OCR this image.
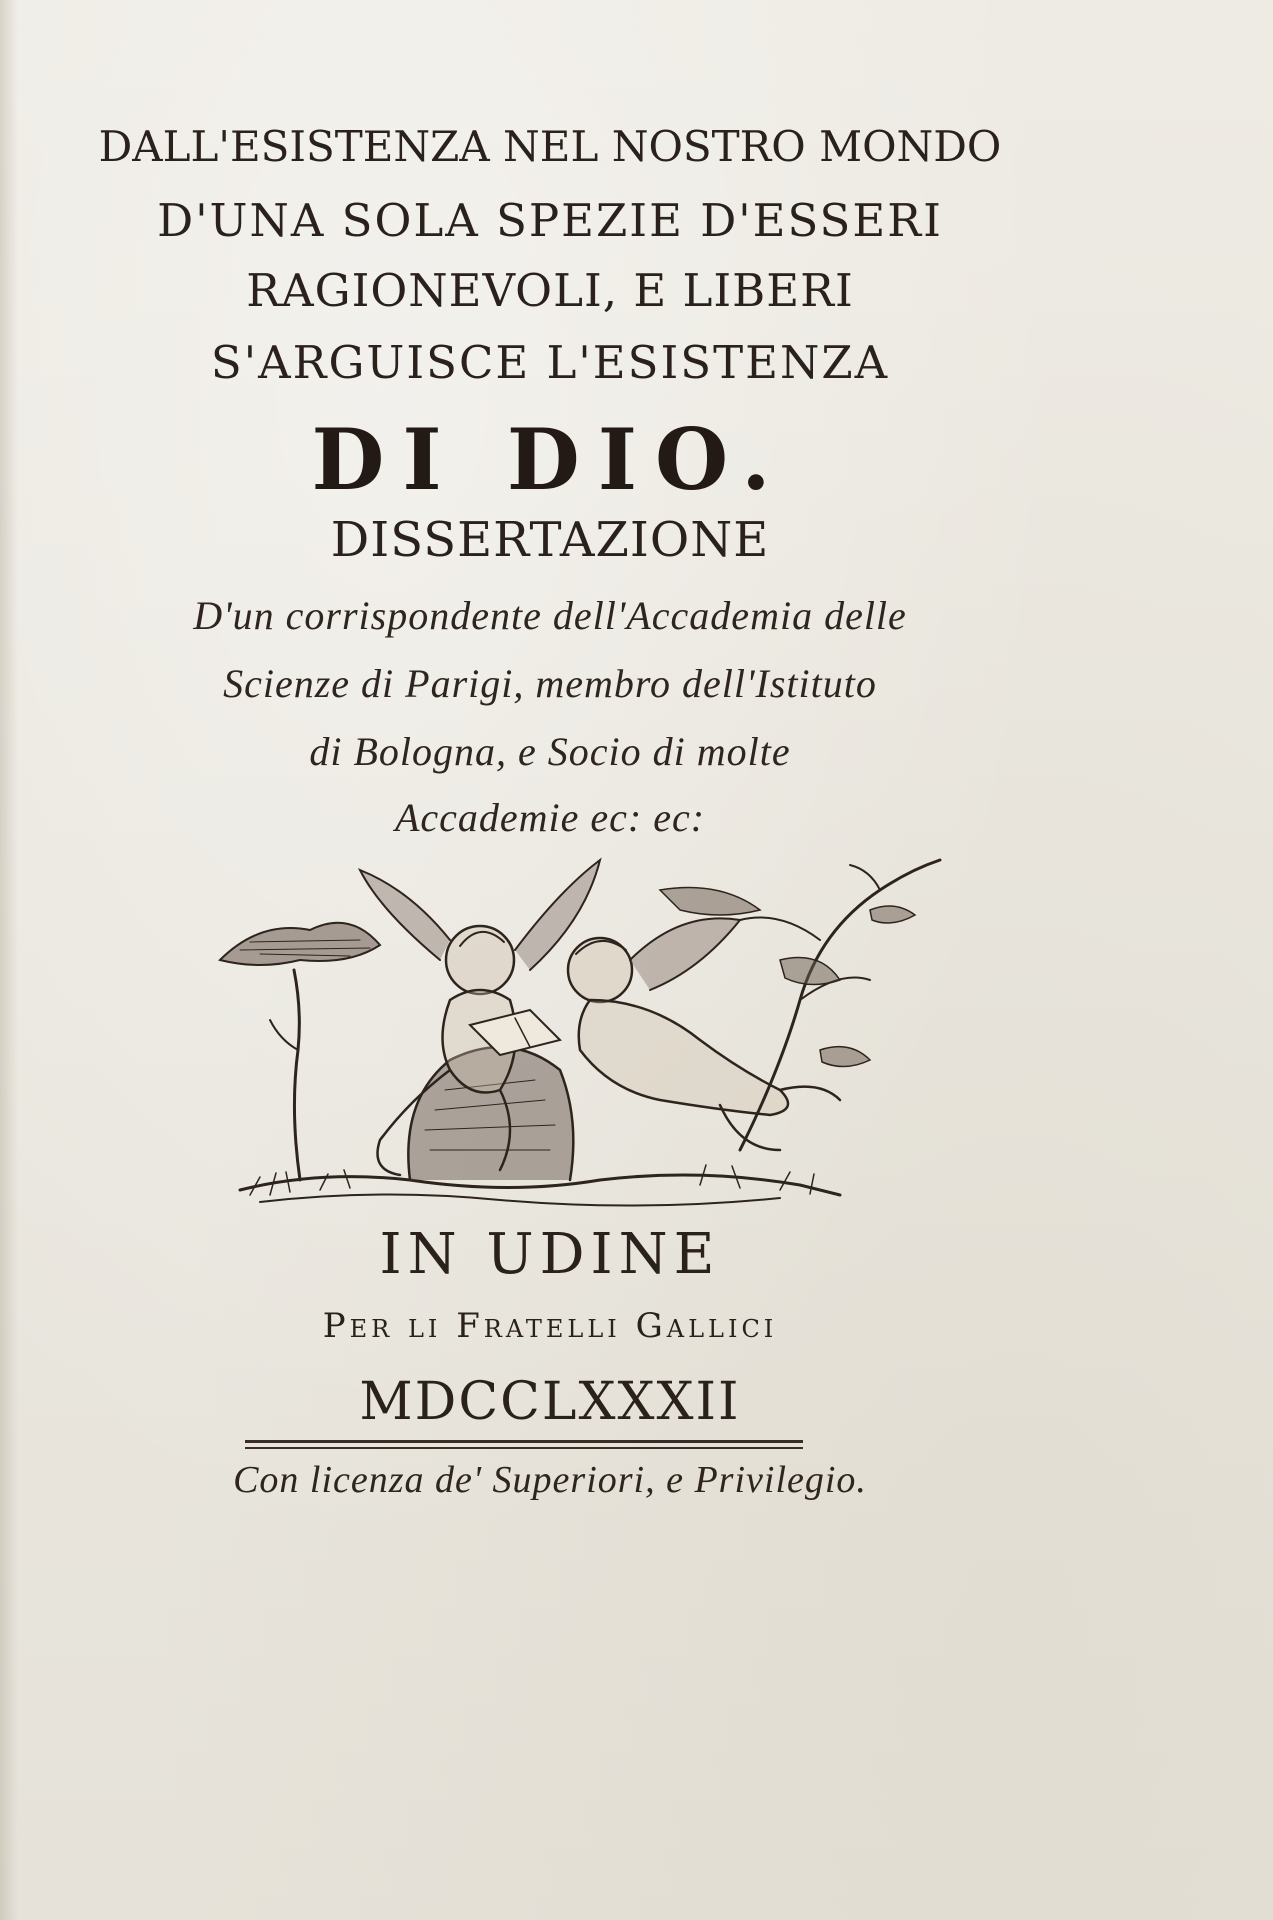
DALL'ESISTENZA NEL NOSTRO MONDO
D'UNA SOLA SPEZIE D'ESSERI
RAGIONEVOLI, E LIBERI
S'ARGUISCE L'ESISTENZA
DI DIO.
DISSERTAZIONE
D'un corrispondente dell'Accademia delle
Scienze di Parigi, membro dell'Istituto
di Bologna, e Socio di molte
Accademie ec: ec:
IN UDINE
Per li Fratelli Gallici
MDCCLXXXII
Con licenza de' Superiori, e Privilegio.
